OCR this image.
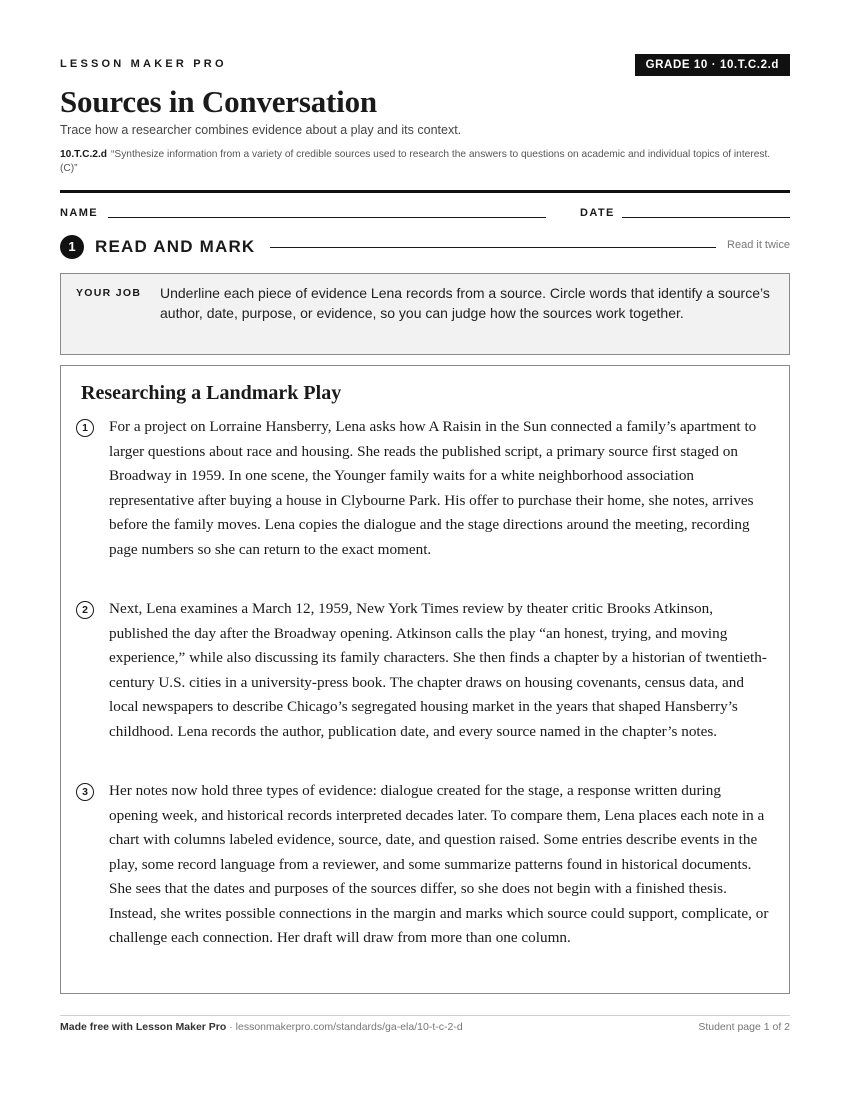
LESSON MAKER PRO	GRADE 10 · 10.T.C.2.d
Sources in Conversation
Trace how a researcher combines evidence about a play and its context.
10.T.C.2.d “Synthesize information from a variety of credible sources used to research the answers to questions on academic and individual topics of interest. (C)”
NAME	DATE
1	READ AND MARK	Read it twice
YOUR JOB Underline each piece of evidence Lena records from a source. Circle words that identify a source’s author, date, purpose, or evidence, so you can judge how the sources work together.
Researching a Landmark Play
1	For a project on Lorraine Hansberry, Lena asks how A Raisin in the Sun connected a family’s apartment to larger questions about race and housing. She reads the published script, a primary source first staged on Broadway in 1959. In one scene, the Younger family waits for a white neighborhood association representative after buying a house in Clybourne Park. His offer to purchase their home, she notes, arrives before the family moves. Lena copies the dialogue and the stage directions around the meeting, recording page numbers so she can return to the exact moment.
2	Next, Lena examines a March 12, 1959, New York Times review by theater critic Brooks Atkinson, published the day after the Broadway opening. Atkinson calls the play “an honest, trying, and moving experience,” while also discussing its family characters. She then finds a chapter by a historian of twentieth-century U.S. cities in a university-press book. The chapter draws on housing covenants, census data, and local newspapers to describe Chicago’s segregated housing market in the years that shaped Hansberry’s childhood. Lena records the author, publication date, and every source named in the chapter’s notes.
3	Her notes now hold three types of evidence: dialogue created for the stage, a response written during opening week, and historical records interpreted decades later. To compare them, Lena places each note in a chart with columns labeled evidence, source, date, and question raised. Some entries describe events in the play, some record language from a reviewer, and some summarize patterns found in historical documents. She sees that the dates and purposes of the sources differ, so she does not begin with a finished thesis. Instead, she writes possible connections in the margin and marks which source could support, complicate, or challenge each connection. Her draft will draw from more than one column.
Made free with Lesson Maker Pro · lessonmakerpro.com/standards/ga-ela/10-t-c-2-d	Student page 1 of 2
